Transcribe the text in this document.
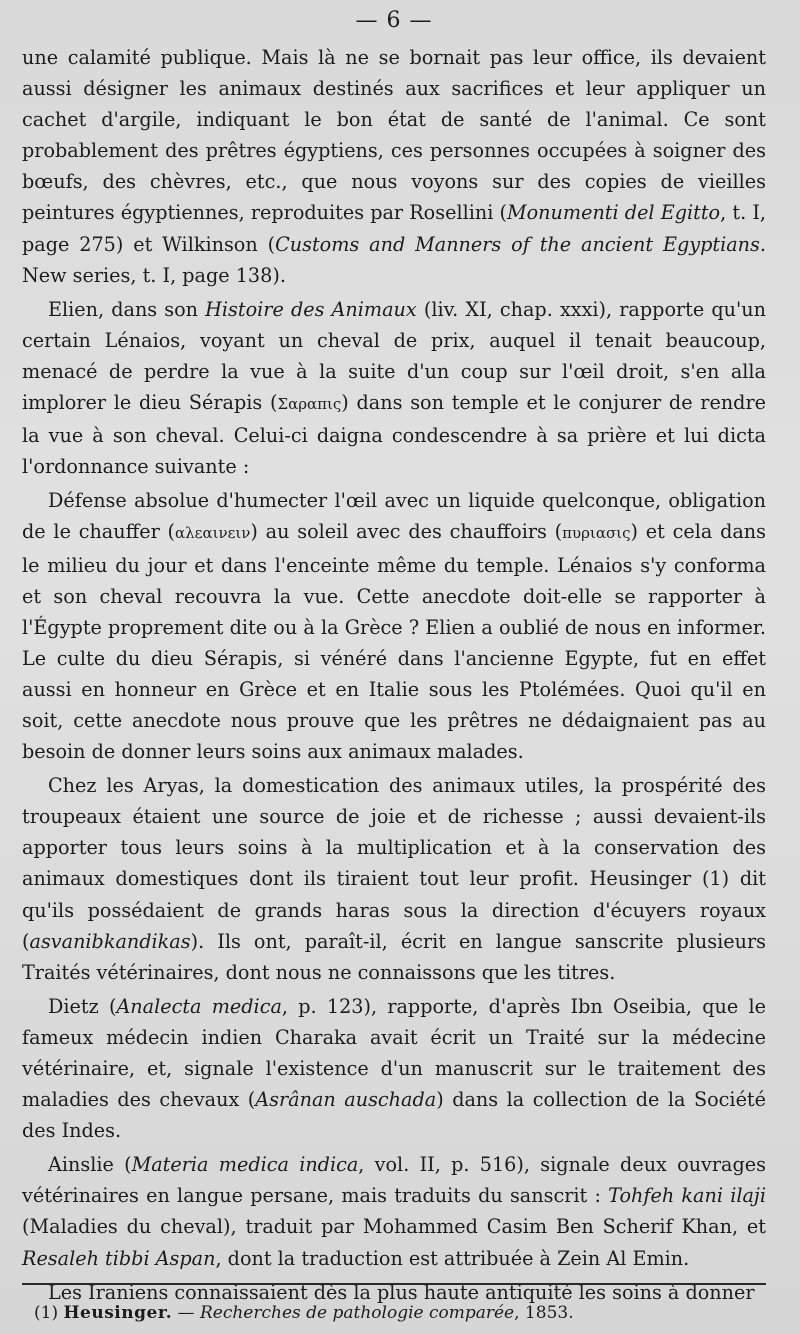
— 6 —

une calamité publique. Mais là ne se bornait pas leur office, ils devaient aussi désigner les animaux destinés aux sacrifices et leur appliquer un cachet d'argile, indiquant le bon état de santé de l'animal. Ce sont probablement des prêtres égyptiens, ces personnes occupées à soigner des bœufs, des chèvres, etc., que nous voyons sur des copies de vieilles peintures égyptiennes, reproduites par Rosellini (Monumenti del Egitto, t. I, page 275) et Wilkinson (Customs and Manners of the ancient Egyptians. New series, t. I, page 138).

Elien, dans son Histoire des Animaux (liv. XI, chap. xxxi), rapporte qu'un certain Lénaios, voyant un cheval de prix, auquel il tenait beaucoup, menacé de perdre la vue à la suite d'un coup sur l'œil droit, s'en alla implorer le dieu Sérapis (Σαραπις) dans son temple et le conjurer de rendre la vue à son cheval. Celui-ci daigna condescendre à sa prière et lui dicta l'ordonnance suivante :

Défense absolue d'humecter l'œil avec un liquide quelconque, obligation de le chauffer (αλεαινειν) au soleil avec des chauffoirs (πυριασις) et cela dans le milieu du jour et dans l'enceinte même du temple. Lénaios s'y conforma et son cheval recouvra la vue. Cette anecdote doit-elle se rapporter à l'Égypte proprement dite ou à la Grèce ? Elien a oublié de nous en informer. Le culte du dieu Sérapis, si vénéré dans l'ancienne Egypte, fut en effet aussi en honneur en Grèce et en Italie sous les Ptolémées. Quoi qu'il en soit, cette anecdote nous prouve que les prêtres ne dédaignaient pas au besoin de donner leurs soins aux animaux malades.

Chez les Aryas, la domestication des animaux utiles, la prospérité des troupeaux étaient une source de joie et de richesse ; aussi devaient-ils apporter tous leurs soins à la multiplication et à la conservation des animaux domestiques dont ils tiraient tout leur profit. Heusinger (1) dit qu'ils possédaient de grands haras sous la direction d'écuyers royaux (asvanibkandikas). Ils ont, paraît-il, écrit en langue sanscrite plusieurs Traités vétérinaires, dont nous ne connaissons que les titres.

Dietz (Analecta medica, p. 123), rapporte, d'après Ibn Oseibia, que le fameux médecin indien Charaka avait écrit un Traité sur la médecine vétérinaire, et, signale l'existence d'un manuscrit sur le traitement des maladies des chevaux (Asrânan auschada) dans la collection de la Société des Indes.

Ainslie (Materia medica indica, vol. II, p. 516), signale deux ouvrages vétérinaires en langue persane, mais traduits du sanscrit : Tohfeh kani ilaji (Maladies du cheval), traduit par Mohammed Casim Ben Scherif Khan, et Resaleh tibbi Aspan, dont la traduction est attribuée à Zein Al Emin.

Les Iraniens connaissaient dès la plus haute antiquité les soins à donner

(1) Heusinger. — Recherches de pathologie comparée, 1853.
